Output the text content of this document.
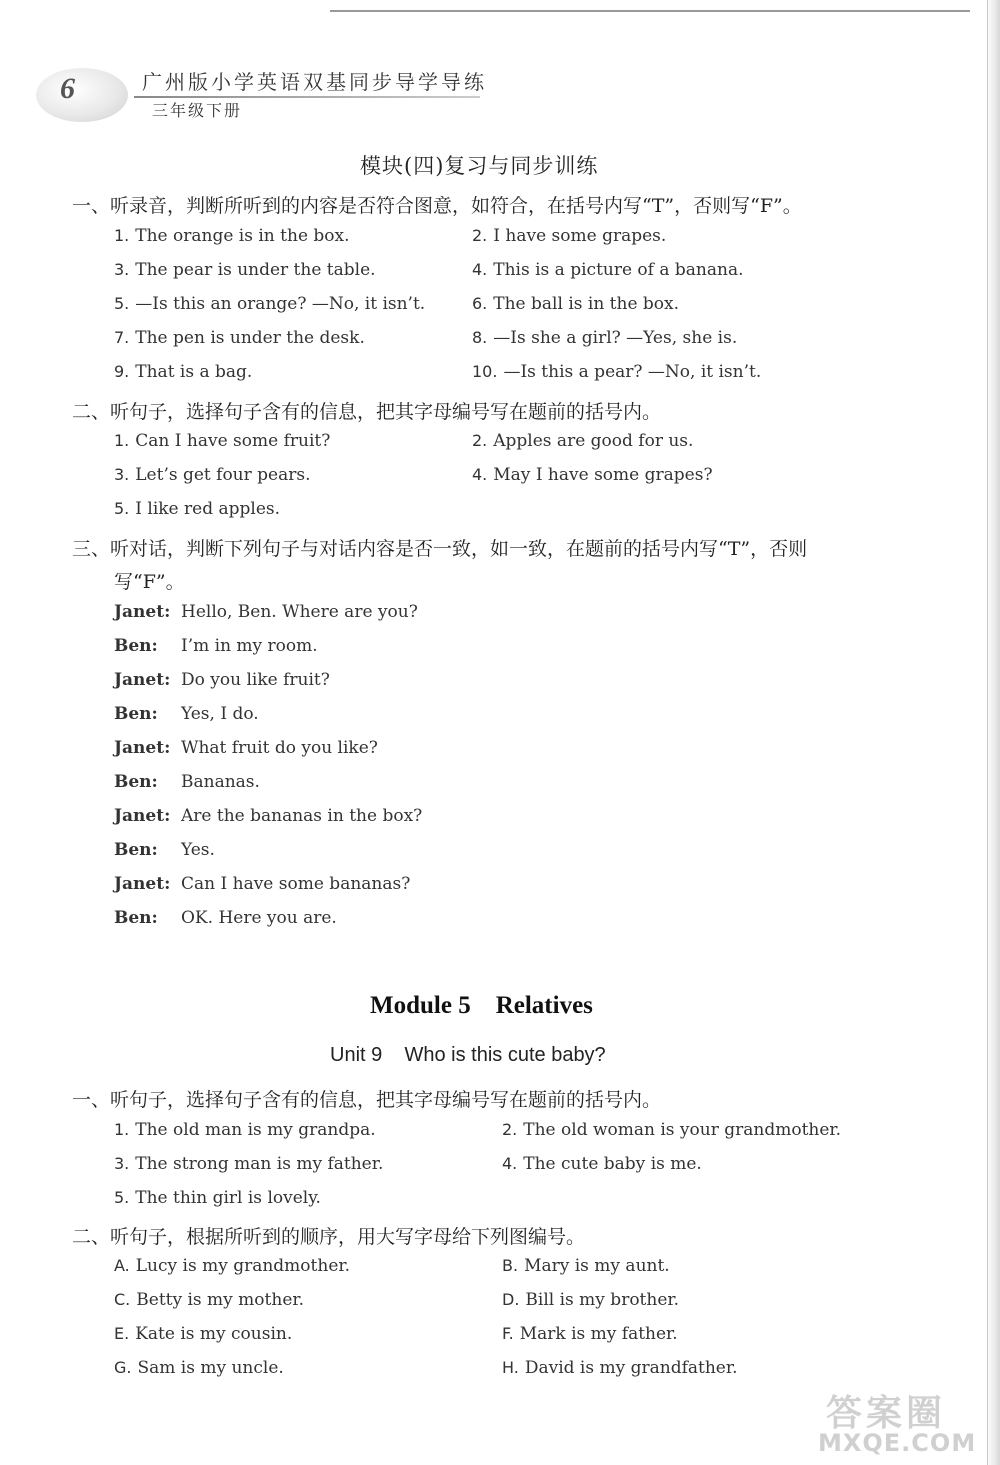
6	广州版小学英语双基同步导学导练
三年级下册
模块(四)复习与同步训练
一、听录音，判断所听到的内容是否符合图意，如符合，在括号内写“T”，否则写“F”。
1. The orange is in the box.	2. I have some grapes.
3. The pear is under the table.	4. This is a picture of a banana.
5. —Is this an orange? —No, it isn’t.	6. The ball is in the box.
7. The pen is under the desk.	8. —Is she a girl? —Yes, she is.
9. That is a bag.	10. —Is this a pear? —No, it isn’t.
二、听句子，选择句子含有的信息，把其字母编号写在题前的括号内。
1. Can I have some fruit?	2. Apples are good for us.
3. Let’s get four pears.	4. May I have some grapes?
5. I like red apples.
三、听对话，判断下列句子与对话内容是否一致，如一致，在题前的括号内写“T”，否则
写“F”。
Janet: Hello, Ben. Where are you?
Ben: I’m in my room.
Janet: Do you like fruit?
Ben: Yes, I do.
Janet: What fruit do you like?
Ben: Bananas.
Janet: Are the bananas in the box?
Ben: Yes.
Janet: Can I have some bananas?
Ben: OK. Here you are.
Module 5    Relatives
Unit 9    Who is this cute baby?
一、听句子，选择句子含有的信息，把其字母编号写在题前的括号内。
1. The old man is my grandpa.	2. The old woman is your grandmother.
3. The strong man is my father.	4. The cute baby is me.
5. The thin girl is lovely.
二、听句子，根据所听到的顺序，用大写字母给下列图编号。
A. Lucy is my grandmother.	B. Mary is my aunt.
C. Betty is my mother.	D. Bill is my brother.
E. Kate is my cousin.	F. Mark is my father.
G. Sam is my uncle.	H. David is my grandfather.
答案圈
MXQE.COM
